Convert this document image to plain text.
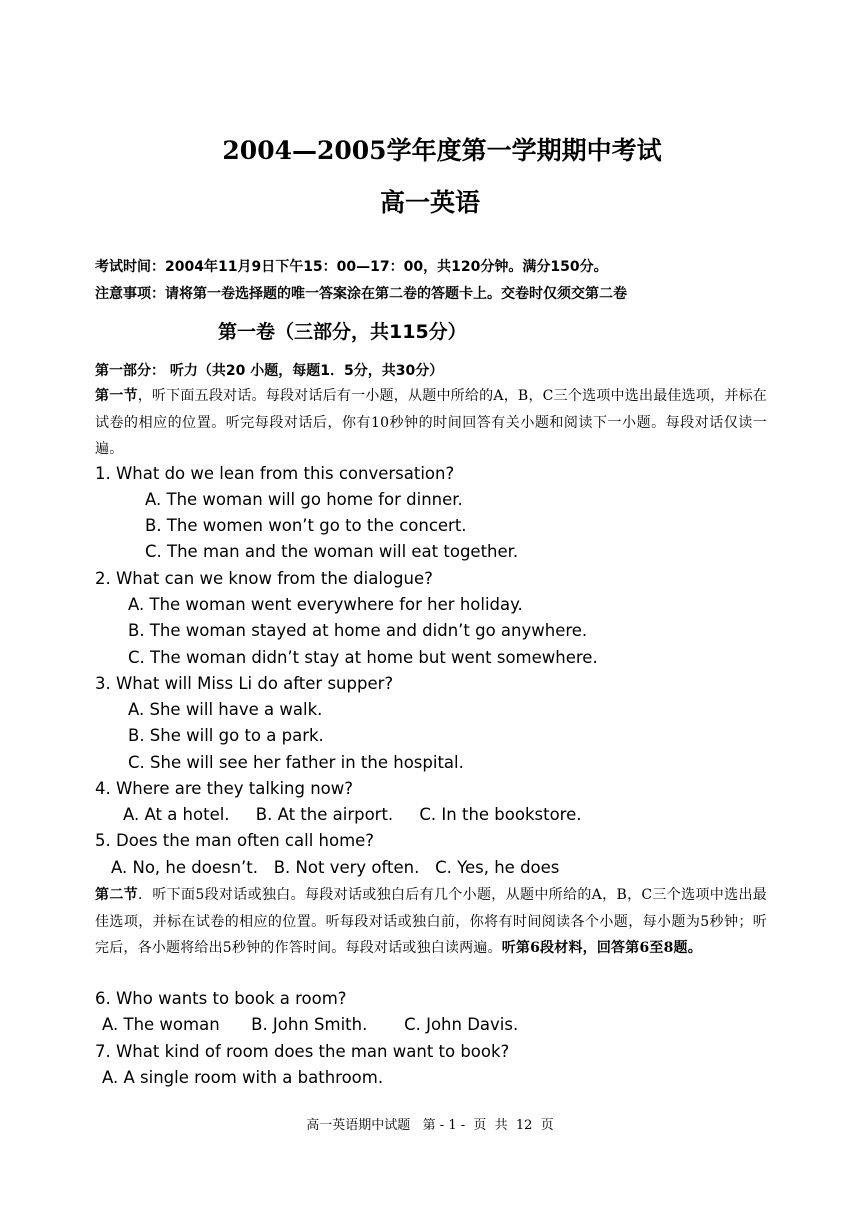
2004—2005学年度第一学期期中考试
高一英语
考试时间：2004年11月9日下午15：00—17：00，共120分钟。满分150分。
注意事项：请将第一卷选择题的唯一答案涂在第二卷的答题卡上。交卷时仅须交第二卷
第一卷（三部分，共115分）
第一部分： 听力（共20 小题，每题1．5分，共30分）
第一节，听下面五段对话。每段对话后有一小题，从题中所给的A，B，C三个选项中选出最佳选项，并标在试卷的相应的位置。听完每段对话后，你有10秒钟的时间回答有关小题和阅读下一小题。每段对话仅读一遍。
1. What do we lean from this conversation?
A. The woman will go home for dinner.
B. The women won’t go to the concert.
C. The man and the woman will eat together.
2. What can we know from the dialogue?
A. The woman went everywhere for her holiday.
B. The woman stayed at home and didn’t go anywhere.
C. The woman didn’t stay at home but went somewhere.
3. What will Miss Li do after supper?
A. She will have a walk.
B. She will go to a park.
C. She will see her father in the hospital.
4. Where are they talking now?
A. At a hotel.     B. At the airport.     C. In the bookstore.
5. Does the man often call home?
A. No, he doesn’t.   B. Not very often.   C. Yes, he does
第二节．听下面5段对话或独白。每段对话或独白后有几个小题，从题中所给的A，B，C三个选项中选出最佳选项，并标在试卷的相应的位置。听每段对话或独白前，你将有时间阅读各个小题，每小题为5秒钟；听完后，各小题将给出5秒钟的作答时间。每段对话或独白读两遍。听第6段材料，回答第6至8题。
6. Who wants to book a room?
A. The woman      B. John Smith.       C. John Davis.
7. What kind of room does the man want to book?
A. A single room with a bathroom.
高一英语期中试题   第 - 1 -  页  共  12  页
